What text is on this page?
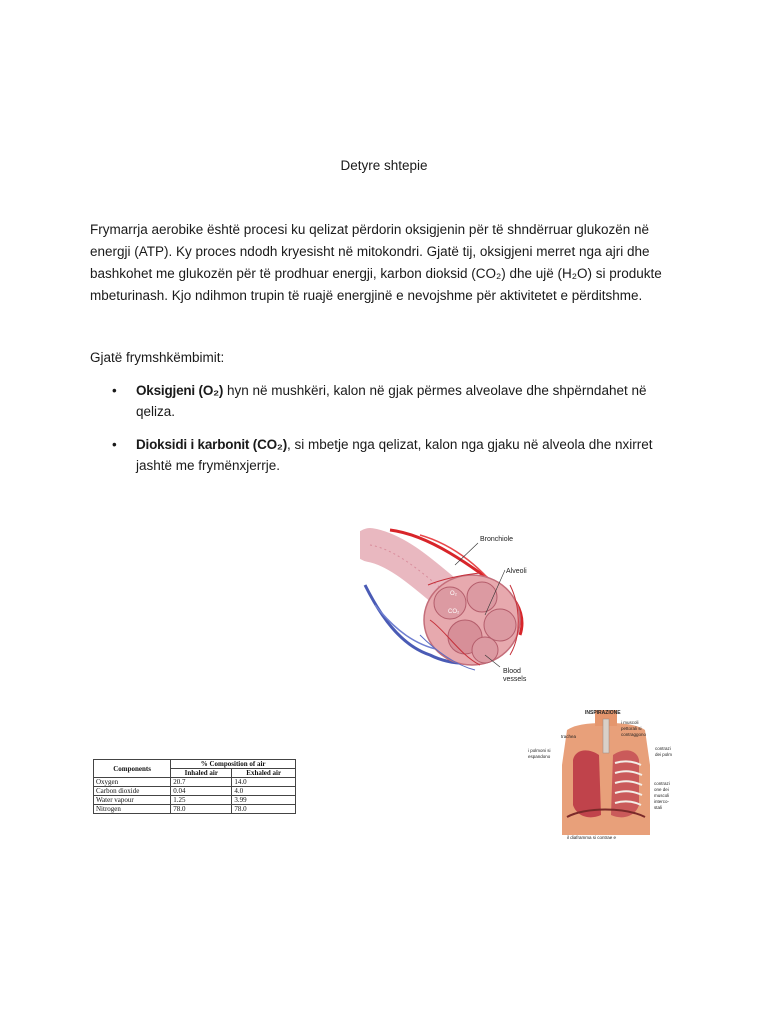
Detyre shtepie
Frymarrja aerobike është procesi ku qelizat përdorin oksigjenin për të shndërruar glukozën në
energji (ATP). Ky proces ndodh kryesisht në mitokondri. Gjatë tij, oksigjeni merret nga ajri dhe
bashkohet me glukozën për të prodhuar energji, karbon dioksid (CO₂) dhe ujë (H₂O) si produkte
mbeturinash. Kjo ndihmon trupin të ruajë energjinë e nevojshme për aktivitetet e përditshme.
Gjatë frymshkëmbimit:
• Oksigjeni (O₂) hyn në mushkëri, kalon në gjak përmes alveolave dhe shpërndahet në
qeliza.
• Dioksidi i karbonit (CO₂), si mbetje nga qelizat, kalon nga gjaku në alveola dhe nxirret
jashtë me frymënxjerrje.
Bronchiole
Alveoli
Blood
vessels
O₂
CO₂
INSPIRAZIONE
i muscoli
pettorali si
contraggono
trachea
i polmoni si
espandono
contrazi
dei polm
contrazi
one dei
muscoli
interco-
stali
il diaframma si contrae e
Components	% Composition of air	
	Inhaled air	Exhaled air
Oxygen	20.7	14.0
Carbon dioxide	0.04	4.0
Water vapour	1.25	3.99
Nitrogen	78.0	78.0
